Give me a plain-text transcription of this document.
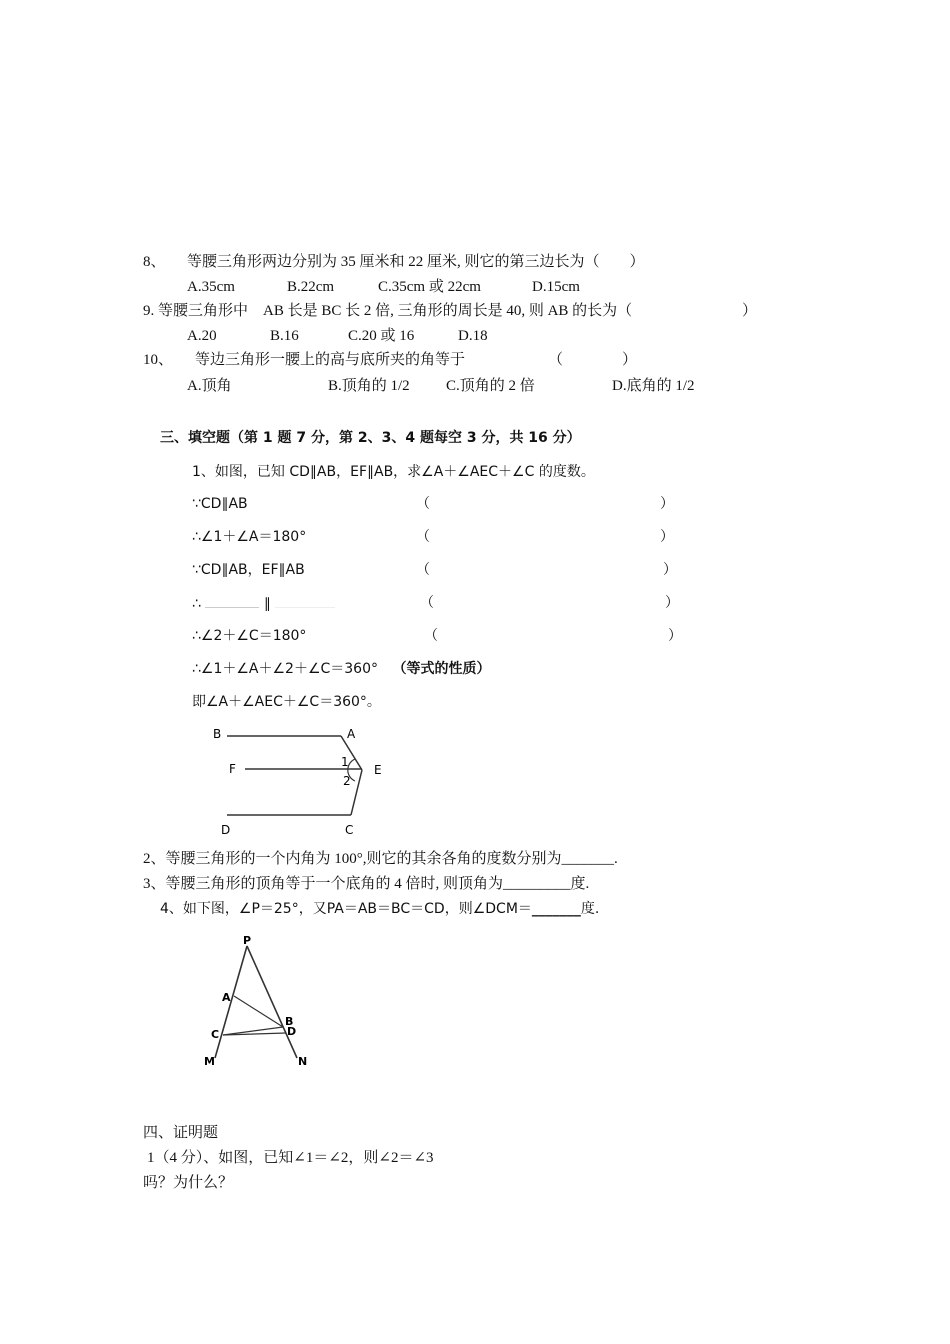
8、 等腰三角形两边分别为 35 厘米和 22 厘米, 则它的第三边长为（　　）
A.35cm	B.22cm	C.35cm 或 22cm	D.15cm
9. 等腰三角形中　AB 长是 BC 长 2 倍, 三角形的周长是 40, 则 AB 的长为（	）
A.20	B.16	C.20 或 16	D.18
10、 等边三角形一腰上的高与底所夹的角等于	（	）
A.顶角	B.顶角的 1/2 C.顶角的 2 倍	D.底角的 1/2
三、填空题（第 1 题 7 分，第 2、3、4 题每空 3 分，共 16 分）
1、如图，已知 CD∥AB，EF∥AB，求∠A＋∠AEC＋∠C 的度数。
∵CD∥AB	（	）
∴∠1＋∠A＝180°	（	）
∵CD∥AB，EF∥AB	（	）
∴	∥	（	）
∴∠2＋∠C＝180°	（	）
∴∠1＋∠A＋∠2＋∠C＝360° （等式的性质）
即∠A＋∠AEC＋∠C＝360°。
B	A
F	1
E
2
D	C
2、等腰三角形的一个内角为 100°,则它的其余各角的度数分别为_______.
3、等腰三角形的顶角等于一个底角的 4 倍时, 则顶角为_________度.
4、如下图，∠P＝25°，又PA＝AB＝BC＝CD，则∠DCM＝_______度.
P
A
B
D
C
M	N
四、证明题
1（4 分）、如图，已知∠1＝∠2，则∠2＝∠3
吗？为什么？
